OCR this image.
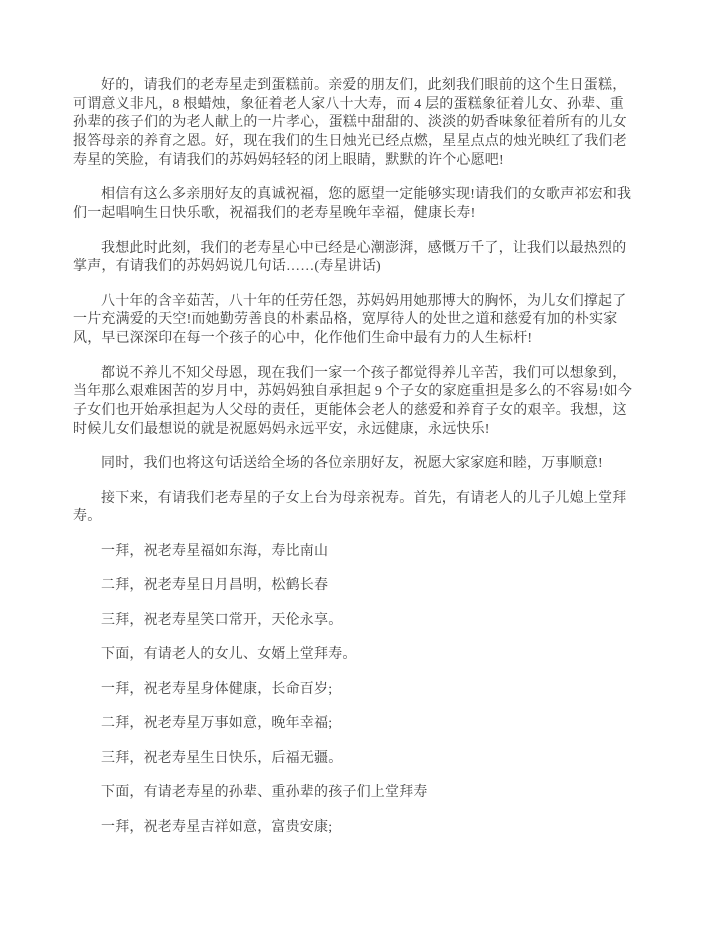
好的，请我们的老寿星走到蛋糕前。亲爱的朋友们，此刻我们眼前的这个生日蛋糕，可谓意义非凡，8 根蜡烛，象征着老人家八十大寿，而 4 层的蛋糕象征着儿女、孙辈、重孙辈的孩子们的为老人献上的一片孝心，蛋糕中甜甜的、淡淡的奶香味象征着所有的儿女报答母亲的养育之恩。好，现在我们的生日烛光已经点燃，星星点点的烛光映红了我们老寿星的笑脸，有请我们的苏妈妈轻轻的闭上眼睛，默默的许个心愿吧!

相信有这么多亲朋好友的真诚祝福，您的愿望一定能够实现!请我们的女歌声祁宏和我们一起唱响生日快乐歌，祝福我们的老寿星晚年幸福，健康长寿!

我想此时此刻，我们的老寿星心中已经是心潮澎湃，感慨万千了，让我们以最热烈的掌声，有请我们的苏妈妈说几句话……(寿星讲话)

八十年的含辛茹苦，八十年的任劳任怨，苏妈妈用她那博大的胸怀，为儿女们撑起了一片充满爱的天空!而她勤劳善良的朴素品格，宽厚待人的处世之道和慈爱有加的朴实家风，早已深深印在每一个孩子的心中，化作他们生命中最有力的人生标杆!

都说不养儿不知父母恩，现在我们一家一个孩子都觉得养儿辛苦，我们可以想象到，当年那么艰难困苦的岁月中，苏妈妈独自承担起 9 个子女的家庭重担是多么的不容易!如今子女们也开始承担起为人父母的责任，更能体会老人的慈爱和养育子女的艰辛。我想，这时候儿女们最想说的就是祝愿妈妈永远平安，永远健康，永远快乐!

同时，我们也将这句话送给全场的各位亲朋好友，祝愿大家家庭和睦，万事顺意!

接下来，有请我们老寿星的子女上台为母亲祝寿。首先，有请老人的儿子儿媳上堂拜寿。

一拜，祝老寿星福如东海，寿比南山

二拜，祝老寿星日月昌明，松鹤长春

三拜，祝老寿星笑口常开，天伦永享。

下面，有请老人的女儿、女婿上堂拜寿。

一拜，祝老寿星身体健康，长命百岁;

二拜，祝老寿星万事如意，晚年幸福;

三拜，祝老寿星生日快乐，后福无疆。

下面，有请老寿星的孙辈、重孙辈的孩子们上堂拜寿

一拜，祝老寿星吉祥如意，富贵安康;
